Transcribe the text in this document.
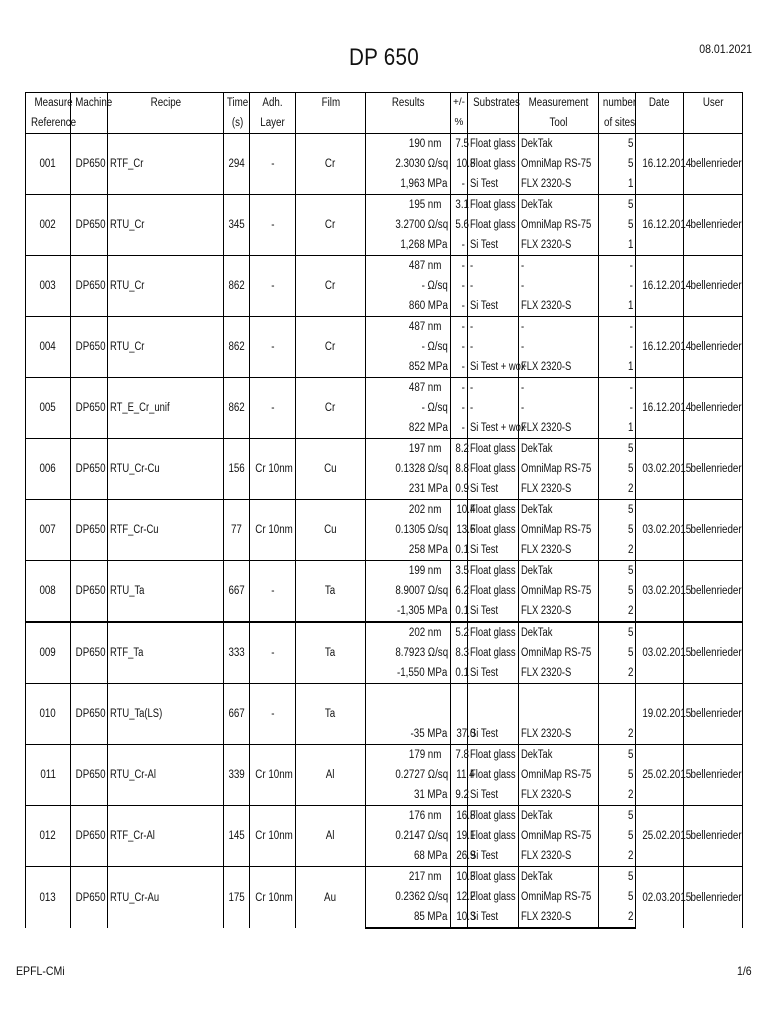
DP 650	08.01.2021
Measure Reference	Machine	Recipe	Time (s)	Adh. Layer	Film	Results	+/- %	Substrates	Measurement Tool	number of sites	Date	User
001	DP650	RTF_Cr	294	-	Cr	190 nm	7.5	Float glass	DekTak	5	16.12.2014	bellenrieder
						2.3030 Ω/sq	10.8	Float glass	OmniMap RS-75	5		
						1,963 MPa	-	Si Test	FLX 2320-S	1		
002	DP650	RTU_Cr	345	-	Cr	195 nm	3.1	Float glass	DekTak	5	16.12.2014	bellenrieder
						3.2700 Ω/sq	5.6	Float glass	OmniMap RS-75	5		
						1,268 MPa	-	Si Test	FLX 2320-S	1		
003	DP650	RTU_Cr	862	-	Cr	487 nm	-	-	-	-	16.12.2014	bellenrieder
						- Ω/sq	-	-	-	-		
						860 MPa	-	Si Test	FLX 2320-S	1		
004	DP650	RTU_Cr	862	-	Cr	487 nm	-	-	-	-	16.12.2014	bellenrieder
						- Ω/sq	-	-	-	-		
						852 MPa	-	Si Test + wox	FLX 2320-S	1		
005	DP650	RT_E_Cr_unif	862	-	Cr	487 nm	-	-	-	-	16.12.2014	bellenrieder
						- Ω/sq	-	-	-	-		
						822 MPa	-	Si Test + wox	FLX 2320-S	1		
006	DP650	RTU_Cr-Cu	156	Cr 10nm	Cu	197 nm	8.2	Float glass	DekTak	5	03.02.2015	bellenrieder
						0.1328 Ω/sq	8.8	Float glass	OmniMap RS-75	5		
						231 MPa	0.9	Si Test	FLX 2320-S	2		
007	DP650	RTF_Cr-Cu	77	Cr 10nm	Cu	202 nm	10.4	Float glass	DekTak	5	03.02.2015	bellenrieder
						0.1305 Ω/sq	13.6	Float glass	OmniMap RS-75	5		
						258 MPa	0.1	Si Test	FLX 2320-S	2		
008	DP650	RTU_Ta	667	-	Ta	199 nm	3.5	Float glass	DekTak	5	03.02.2015	bellenrieder
						8.9007 Ω/sq	6.2	Float glass	OmniMap RS-75	5		
						-1,305 MPa	0.1	Si Test	FLX 2320-S	2		
009	DP650	RTF_Ta	333	-	Ta	202 nm	5.2	Float glass	DekTak	5	03.02.2015	bellenrieder
						8.7923 Ω/sq	8.3	Float glass	OmniMap RS-75	5		
						-1,550 MPa	0.1	Si Test	FLX 2320-S	2		
010	DP650	RTU_Ta(LS)	667	-	Ta						19.02.2015	bellenrieder

						-35 MPa	37.0	Si Test	FLX 2320-S	2		
011	DP650	RTU_Cr-Al	339	Cr 10nm	Al	179 nm	7.8	Float glass	DekTak	5	25.02.2015	bellenrieder
						0.2727 Ω/sq	11.4	Float glass	OmniMap RS-75	5		
						31 MPa	9.2	Si Test	FLX 2320-S	2		
012	DP650	RTF_Cr-Al	145	Cr 10nm	Al	176 nm	16.8	Float glass	DekTak	5	25.02.2015	bellenrieder
						0.2147 Ω/sq	19.1	Float glass	OmniMap RS-75	5		
						68 MPa	26.9	Si Test	FLX 2320-S	2		
013	DP650	RTU_Cr-Au	175	Cr 10nm	Au	217 nm	10.3	Float glass	DekTak	5	02.03.2015	bellenrieder
						0.2362 Ω/sq	12.2	Float glass	OmniMap RS-75	5		
						85 MPa	10.3	Si Test	FLX 2320-S	2		
EPFL-CMi	1/6
